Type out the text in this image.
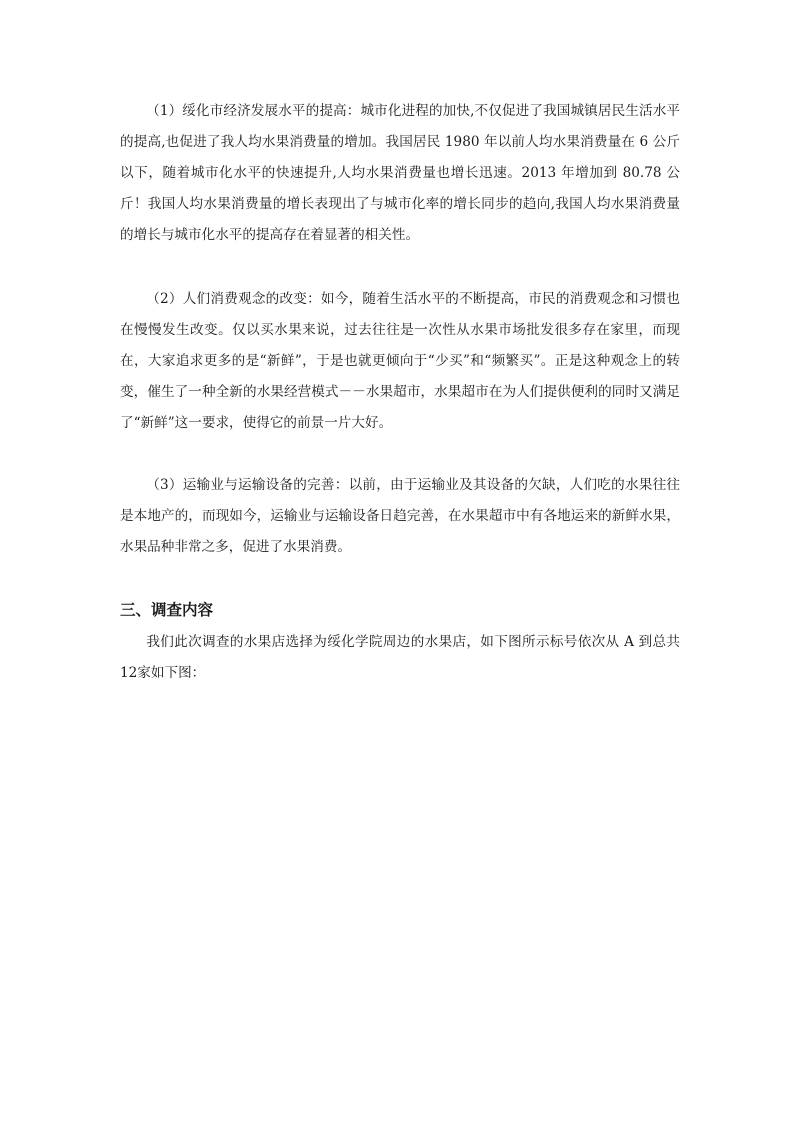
（1）绥化市经济发展水平的提高：城市化进程的加快,不仅促进了我国城镇居民生活水平的提高,也促进了我人均水果消费量的增加。我国居民 1980 年以前人均水果消费量在 6 公斤以下，随着城市化水平的快速提升,人均水果消费量也增长迅速。2013 年增加到 80.78 公斤！我国人均水果消费量的增长表现出了与城市化率的增长同步的趋向,我国人均水果消费量的增长与城市化水平的提高存在着显著的相关性。

（2）人们消费观念的改变：如今，随着生活水平的不断提高，市民的消费观念和习惯也在慢慢发生改变。仅以买水果来说，过去往往是一次性从水果市场批发很多存在家里，而现在，大家追求更多的是“新鲜”，于是也就更倾向于“少买”和“频繁买”。正是这种观念上的转变，催生了一种全新的水果经营模式－－水果超市，水果超市在为人们提供便利的同时又满足了“新鲜”这一要求，使得它的前景一片大好。

（3）运输业与运输设备的完善：以前，由于运输业及其设备的欠缺，人们吃的水果往往是本地产的，而现如今，运输业与运输设备日趋完善，在水果超市中有各地运来的新鲜水果，水果品种非常之多，促进了水果消费。

三、调查内容

我们此次调查的水果店选择为绥化学院周边的水果店，如下图所示标号依次从 A 到总共 12家如下图：
